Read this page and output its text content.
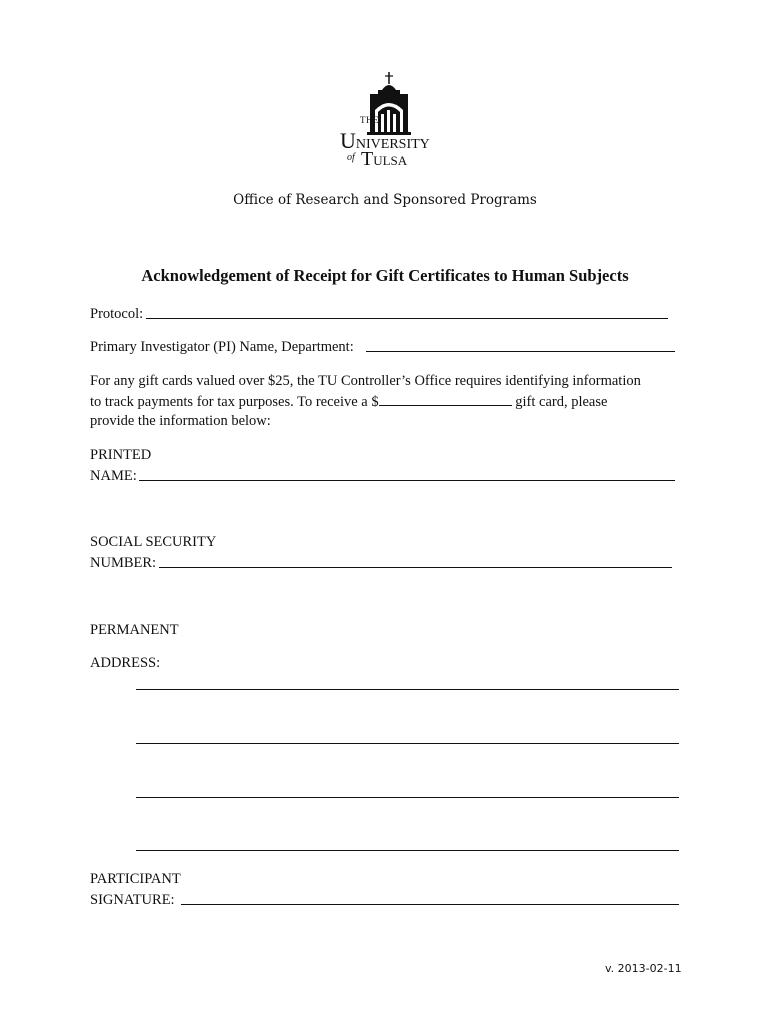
THE
UNIVERSITY
of TULSA
Office of Research and Sponsored Programs
Acknowledgement of Receipt for Gift Certificates to Human Subjects
Protocol:
Primary Investigator (PI) Name, Department:
For any gift cards valued over $25, the TU Controller’s Office requires identifying information
to track payments for tax purposes. To receive a $	gift card, please
provide the information below:
PRINTED
NAME:
SOCIAL SECURITY
NUMBER:
PERMANENT
ADDRESS:
PARTICIPANT
SIGNATURE:
v. 2013-02-11
